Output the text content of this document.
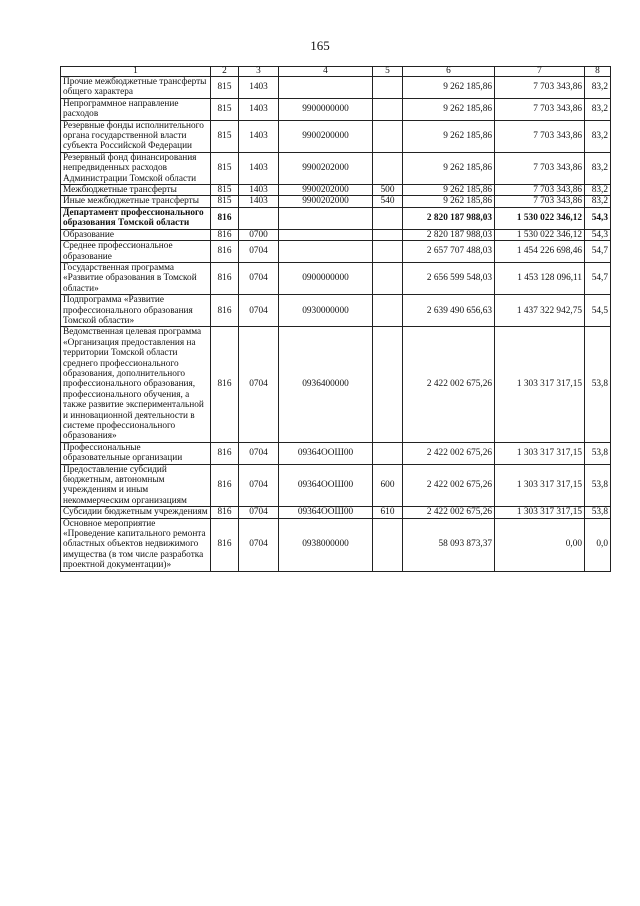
165
1	2	3	4	5	6	7	8
Прочие межбюджетные трансферты общего характера	815	1403			9 262 185,86	7 703 343,86	83,2
Непрограммное направление расходов	815	1403	9900000000		9 262 185,86	7 703 343,86	83,2
Резервные фонды исполнительного органа государственной власти субъекта Российской Федерации	815	1403	9900200000		9 262 185,86	7 703 343,86	83,2
Резервный фонд финансирования непредвиденных расходов Администрации Томской области	815	1403	9900202000		9 262 185,86	7 703 343,86	83,2
Межбюджетные трансферты	815	1403	9900202000	500	9 262 185,86	7 703 343,86	83,2
Иные межбюджетные трансферты	815	1403	9900202000	540	9 262 185,86	7 703 343,86	83,2
Департамент профессионального образования Томской области	816				2 820 187 988,03	1 530 022 346,12	54,3
Образование	816	0700			2 820 187 988,03	1 530 022 346,12	54,3
Среднее профессиональное образование	816	0704			2 657 707 488,03	1 454 226 698,46	54,7
Государственная программа «Развитие образования в Томской области»	816	0704	0900000000		2 656 599 548,03	1 453 128 096,11	54,7
Подпрограмма «Развитие профессионального образования Томской области»	816	0704	0930000000		2 639 490 656,63	1 437 322 942,75	54,5
Ведомственная целевая программа «Организация предоставления на территории Томской области среднего профессионального образования, дополнительного профессионального образования, профессионального обучения, а также развитие экспериментальной и инновационной деятельности в системе профессионального образования»	816	0704	0936400000		2 422 002 675,26	1 303 317 317,15	53,8
Профессиональные образовательные организации	816	0704	09364ООШ00		2 422 002 675,26	1 303 317 317,15	53,8
Предоставление субсидий бюджетным, автономным учреждениям и иным некоммерческим организациям	816	0704	09364ООШ00	600	2 422 002 675,26	1 303 317 317,15	53,8
Субсидии бюджетным учреждениям	816	0704	09364ООШ00	610	2 422 002 675,26	1 303 317 317,15	53,8
Основное мероприятие «Проведение капитального ремонта областных объектов недвижимого имущества (в том числе разработка проектной документации)»	816	0704	0938000000		58 093 873,37	0,00	0,0
